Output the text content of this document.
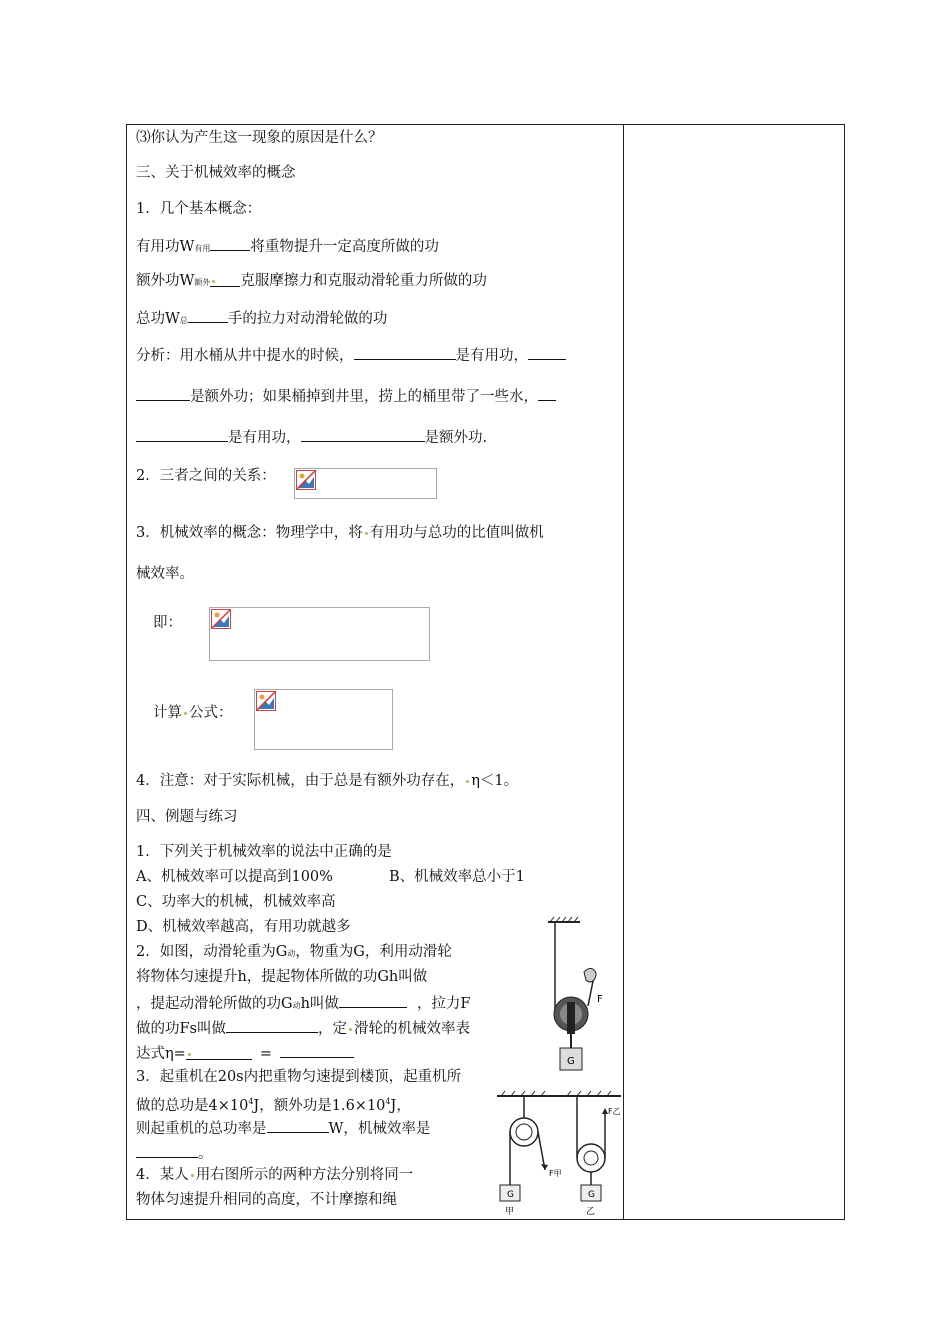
⑶你认为产生这一现象的原因是什么？
三、关于机械效率的概念
1．几个基本概念：
有用功W有用	将重物提升一定高度所做的功
额外功W额外 克服摩擦力和克服动滑轮重力所做的功
总功W总	手的拉力对动滑轮做的功
分析：用水桶从井中提水的时候，	是有用功，
是额外功；如果桶掉到井里，捞上的桶里带了一些水，
是有用功，	是额外功.
2．三者之间的关系：
3．机械效率的概念：物理学中，将 有用功与总功的比值叫做机
械效率。
即：
计算 公式：
4．注意：对于实际机械，由于总是有额外功存在， η＜1。
四、例题与练习
1．下列关于机械效率的说法中正确的是
A、机械效率可以提高到100%	B、机械效率总小于1
C、功率大的机械，机械效率高
D、机械效率越高，有用功就越多
2．如图，动滑轮重为G动，物重为G，利用动滑轮
将物体匀速提升h，提起物体所做的功Gh叫做
，提起动滑轮所做的功G动h叫做	，拉力F
做的功Fs叫做	，定 滑轮的机械效率表
达式η=	=
3．起重机在20s内把重物匀速提到楼顶，起重机所
做的总功是$4\times 10^4J$，额外功是$1.6\times 10^4J$，
则起重机的总功率是	W，机械效率是
。
4．某人 用右图所示的两种方法分别将同一
物体匀速提升相同的高度，不计摩擦和绳
F
G
F甲
G
甲
F乙
G
乙
